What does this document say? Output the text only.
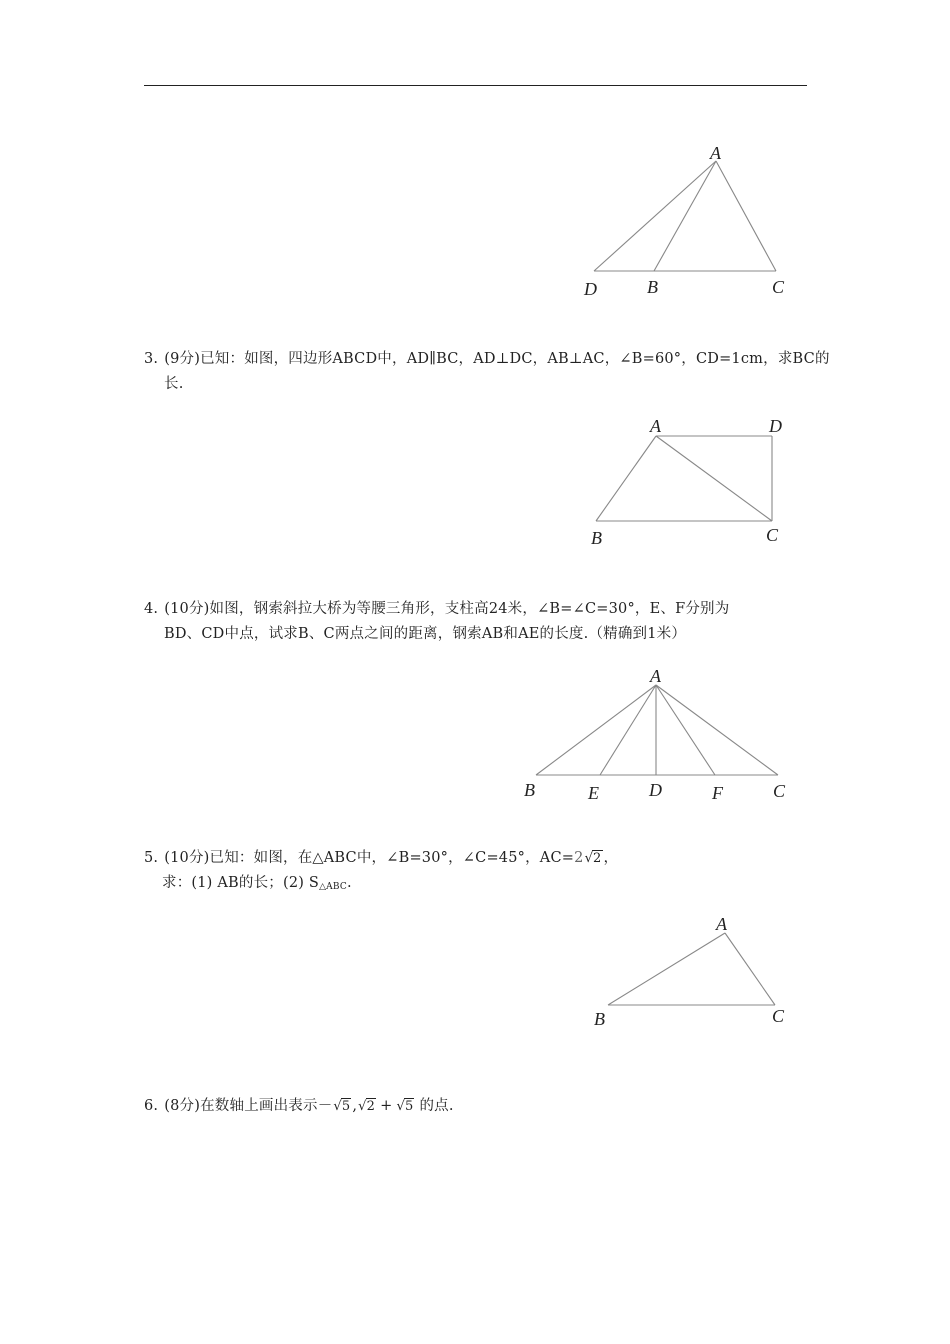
A
D	B	C
3. (9分)已知：如图，四边形ABCD中，AD∥BC，AD⊥DC，AB⊥AC，∠B=60°，CD=1cm，求BC的
长.
A	D
B	C
4. (10分)如图，钢索斜拉大桥为等腰三角形，支柱高24米，∠B=∠C=30°，E、F分别为
BD、CD中点，试求B、C两点之间的距离，钢索AB和AE的长度.（精确到1米）
A
B	E	D	F	C
5. (10分)已知：如图，在△ABC中，∠B=30°，∠C=45°，AC=2√2 ，
求：(1) AB的长；(2) $S_{\triangle ABC}$.
A
B	C
6. (8分)在数轴上画出表示－√5 ,√2 + √5 的点.
